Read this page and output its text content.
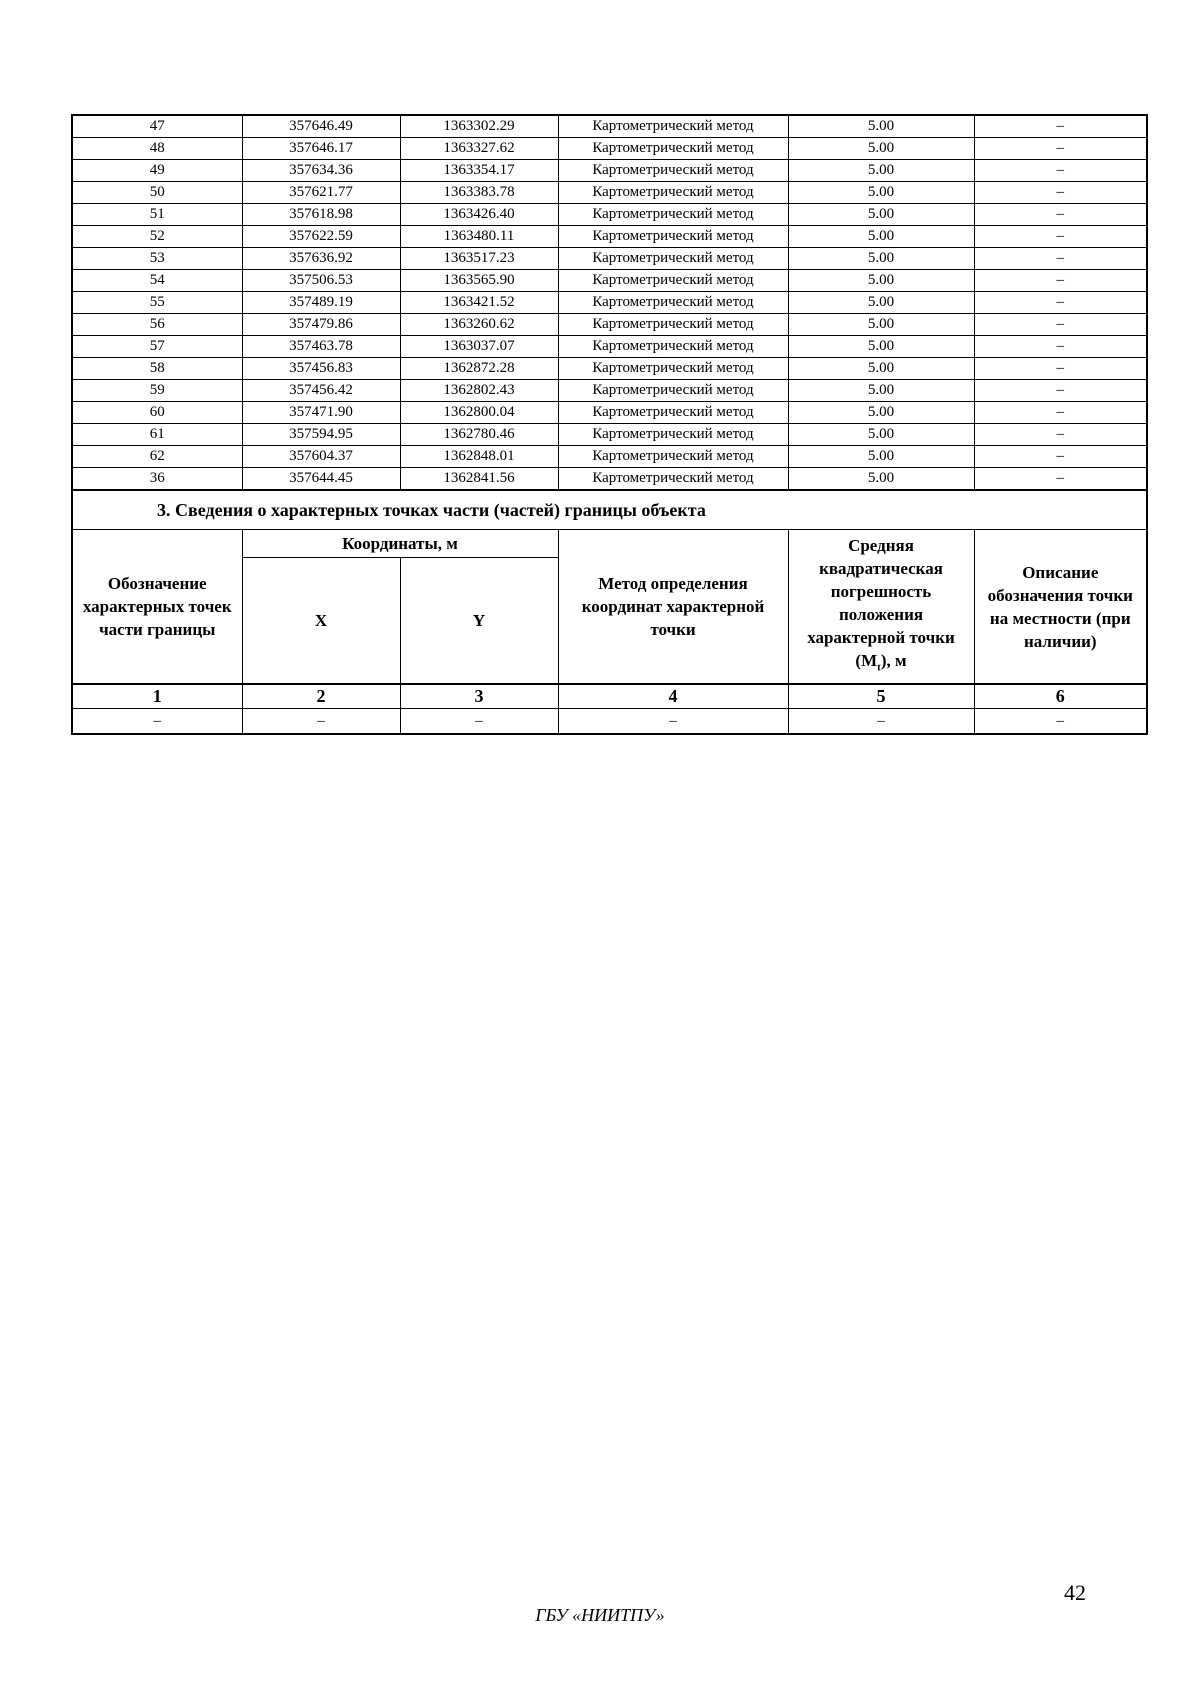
47	357646.49	1363302.29	Картометрический метод	5.00	–
48	357646.17	1363327.62	Картометрический метод	5.00	–
49	357634.36	1363354.17	Картометрический метод	5.00	–
50	357621.77	1363383.78	Картометрический метод	5.00	–
51	357618.98	1363426.40	Картометрический метод	5.00	–
52	357622.59	1363480.11	Картометрический метод	5.00	–
53	357636.92	1363517.23	Картометрический метод	5.00	–
54	357506.53	1363565.90	Картометрический метод	5.00	–
55	357489.19	1363421.52	Картометрический метод	5.00	–
56	357479.86	1363260.62	Картометрический метод	5.00	–
57	357463.78	1363037.07	Картометрический метод	5.00	–
58	357456.83	1362872.28	Картометрический метод	5.00	–
59	357456.42	1362802.43	Картометрический метод	5.00	–
60	357471.90	1362800.04	Картометрический метод	5.00	–
61	357594.95	1362780.46	Картометрический метод	5.00	–
62	357604.37	1362848.01	Картометрический метод	5.00	–
36	357644.45	1362841.56	Картометрический метод	5.00	–
3. Сведения о характерных точках части (частей) границы объекта					
Обозначение характерных точек части границы	Координаты, м		Метод определения координат характерной точки	Средняя квадратическая погрешность положения характерной точки $(M_t)$, м	Описание обозначения точки на местности (при наличии)
	X	Y			
1	2	3	4	5	6
–	–	–	–	–	–
42
ГБУ «НИИТПУ»
